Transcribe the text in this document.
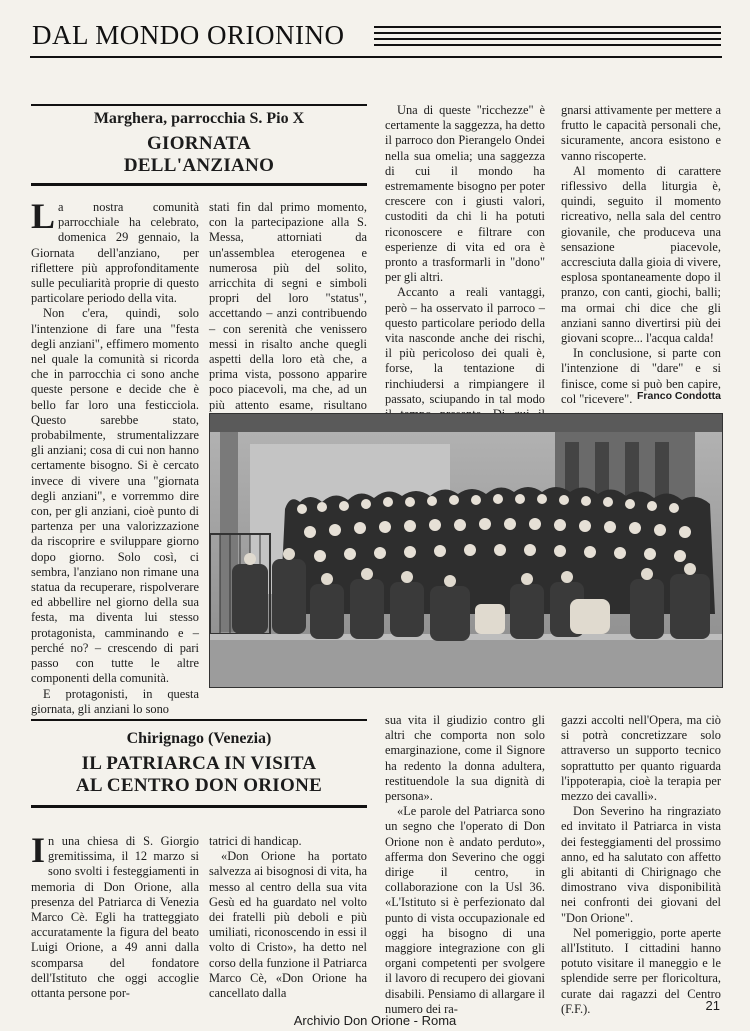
DAL MONDO ORIONINO
Marghera, parrocchia S. Pio X
GIORNATA
DELL'ANZIANO

La nostra comunità parrocchiale ha celebrato, domenica 29 gennaio, la Giornata dell'anziano, per riflettere più approfonditamente sulle peculiarità proprie di questo particolare periodo della vita.

Non c'era, quindi, solo l'intenzione di fare una "festa degli anziani", effimero momento nel quale la comunità si ricorda che in parrocchia ci sono anche queste persone e decide che è bello far loro una festicciola. Questo sarebbe stato, probabilmente, strumentalizzare gli anziani; cosa di cui non hanno certamente bisogno. Si è cercato invece di vivere una "giornata degli anziani", e vorremmo dire con, per gli anziani, cioè punto di partenza per una valorizzazione da riscoprire e sviluppare giorno dopo giorno. Solo così, ci sembra, l'anziano non rimane una statua da recuperare, rispolverare ed abbellire nel giorno della sua festa, ma diventa lui stesso protagonista, camminando e – perché no? – crescendo di pari passo con tutte le altre componenti della comunità.

E protagonisti, in questa giornata, gli anziani lo sono

stati fin dal primo momento, con la partecipazione alla S. Messa, attorniati da un'assemblea eterogenea e numerosa più del solito, arricchita di segni e simboli propri del loro "status", accettando – anzi contribuendo – con serenità che venissero messi in risalto anche quegli aspetti della loro età che, a prima vista, possono apparire poco piacevoli, ma che, ad un più attento esame, risultano

Una di queste "ricchezze" è certamente la saggezza, ha detto il parroco don Pierangelo Ondei nella sua omelia; una saggezza di cui il mondo ha estremamente bisogno per poter crescere con i giusti valori, custoditi da chi li ha potuti riconoscere e filtrare con esperienze di vita ed ora è pronto a trasformarli in "dono" per gli altri.

Accanto a reali vantaggi, però – ha osservato il parroco – questo particolare periodo della vita nasconde anche dei rischi, il più pericoloso dei quali è, forse, la tentazione di rinchiudersi a rimpiangere il passato, sciupando in tal modo

gnarsi attivamente per mettere a frutto le capacità personali che, sicuramente, ancora esistono e vanno riscoperte.

Al momento di carattere riflessivo della liturgia è, quindi, seguito il momento ricreativo, nella sala del centro giovanile, che produceva una sensazione piacevole, accresciuta dalla gioia di vivere, esplosa spontaneamente dopo il pranzo, con canti, giochi, balli; ma ormai chi dice che gli anziani sanno divertirsi più dei giovani scopre... l'acqua calda!

In conclusione, si parte con l'intenzione di "dare" e si finisce, come si può ben capire, col "ricevere". Franco Condotta
Chirignago (Venezia)
IL PATRIARCA IN VISITA
AL CENTRO DON ORIONE

In una chiesa di S. Giorgio gremitissima, il 12 marzo si sono svolti i festeggiamenti in memoria di Don Orione, alla presenza del Patriarca di Venezia Marco Cè. Egli ha tratteggiato accuratamente la figura del beato Luigi Orione, a 49 anni dalla scomparsa del fondatore dell'Istituto che oggi accoglie ottanta persone por-

tatrici di handicap.

«Don Orione ha portato salvezza ai bisognosi di vita, ha messo al centro della sua vita Gesù ed ha guardato nel volto dei fratelli più deboli e più umiliati, riconoscendo in essi il volto di Cristo», ha detto nel corso della funzione il Patriarca Marco Cè, «Don Orione ha cancellato dalla

sua vita il giudizio contro gli altri che comporta non solo emarginazione, come il Signore ha redento la donna adultera, restituendole la sua dignità di persona».

«Le parole del Patriarca sono un segno che l'operato di Don Orione non è andato perduto», afferma don Severino che oggi dirige il centro, in collaborazione con la Usl 36. «L'Istituto si è perfezionato dal punto di vista occupazionale ed oggi ha bisogno di una maggiore integrazione con gli organi competenti per svolgere il lavoro di recupero dei giovani disabili. Pensiamo di allargare il numero dei ra-

gazzi accolti nell'Opera, ma ciò si potrà concretizzare solo attraverso un supporto tecnico soprattutto per quanto riguarda l'ippoterapia, cioè la terapia per mezzo dei cavalli».

Don Severino ha ringraziato ed invitato il Patriarca in vista dei festeggiamenti del prossimo anno, ed ha salutato con affetto gli abitanti di Chirignago che dimostrano viva disponibilità nei confronti dei giovani del "Don Orione".

Nel pomeriggio, porte aperte all'Istituto. I cittadini hanno potuto visitare il maneggio e le splendide serre per floricoltura, curate dai ragazzi del Centro (F.F.).	21
Archivio Don Orione - Roma
